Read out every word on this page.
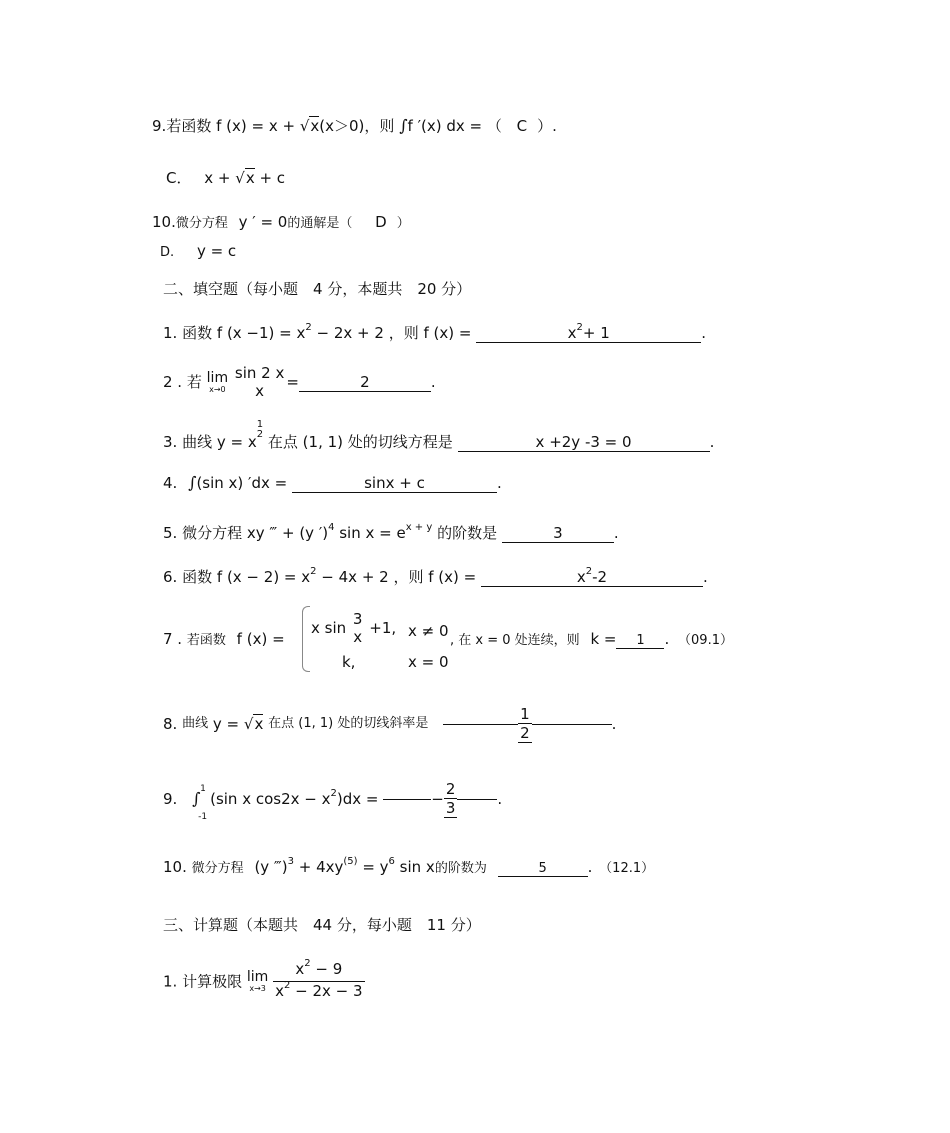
9.若函数 f (x) = x + √x(x＞0)，则 ∫f ′(x) dx = （ C ）.
C． x + √x + c
10.微分方程 y ′ = 0的通解是（ D ）
D. y = c
二、填空题（每小题　4 分，本题共　20 分）
1. 函数 f $(x -1) = x^2 - 2x + 2$ ，则 f (x) =	$x^2+ 1$	.
2 . 若 lim
x→0

sin 2 x
x	=	2	.
3. 曲线 y = x
1
2 在点 (1, 1) 处的切线方程是	x +2y -3 = 0	.
4. ∫(sin x) ′dx =	sinx + c	.
5. 微分方程 xy ‴ + (y ′)$^4$ $\sin x = e^{x + y}$ 的阶数是	3	.
6. 函数 f $(x - 2) = x^2 - 4x + 2$ ，则 f (x) =	$x^2-2$	.
7 . 若函数 f (x) =
x sin 3
x +1, x ≠ 0
k,	x = 0
, 在 x = 0 处连续，则 k = 1 . （09.1）
8. 曲线 y = √x 在点 (1, 1) 处的切线斜率是	$\frac{1}{2}$	.
9. ∫ 1
-1
(sin x $\cos 2x - x^2)dx$ =	− $\frac{2}{3}$	.
10. 微分方程 (y ‴)$^3$ + $4xy^{(5)} = y^6$ sin x的阶数为	5	. （12.1）
三、计算题（本题共　44 分，每小题　11 分）
1. 计算极限 lim
x→3
$\frac{x^2 - 9}{x^2 - 2x - 3}$
